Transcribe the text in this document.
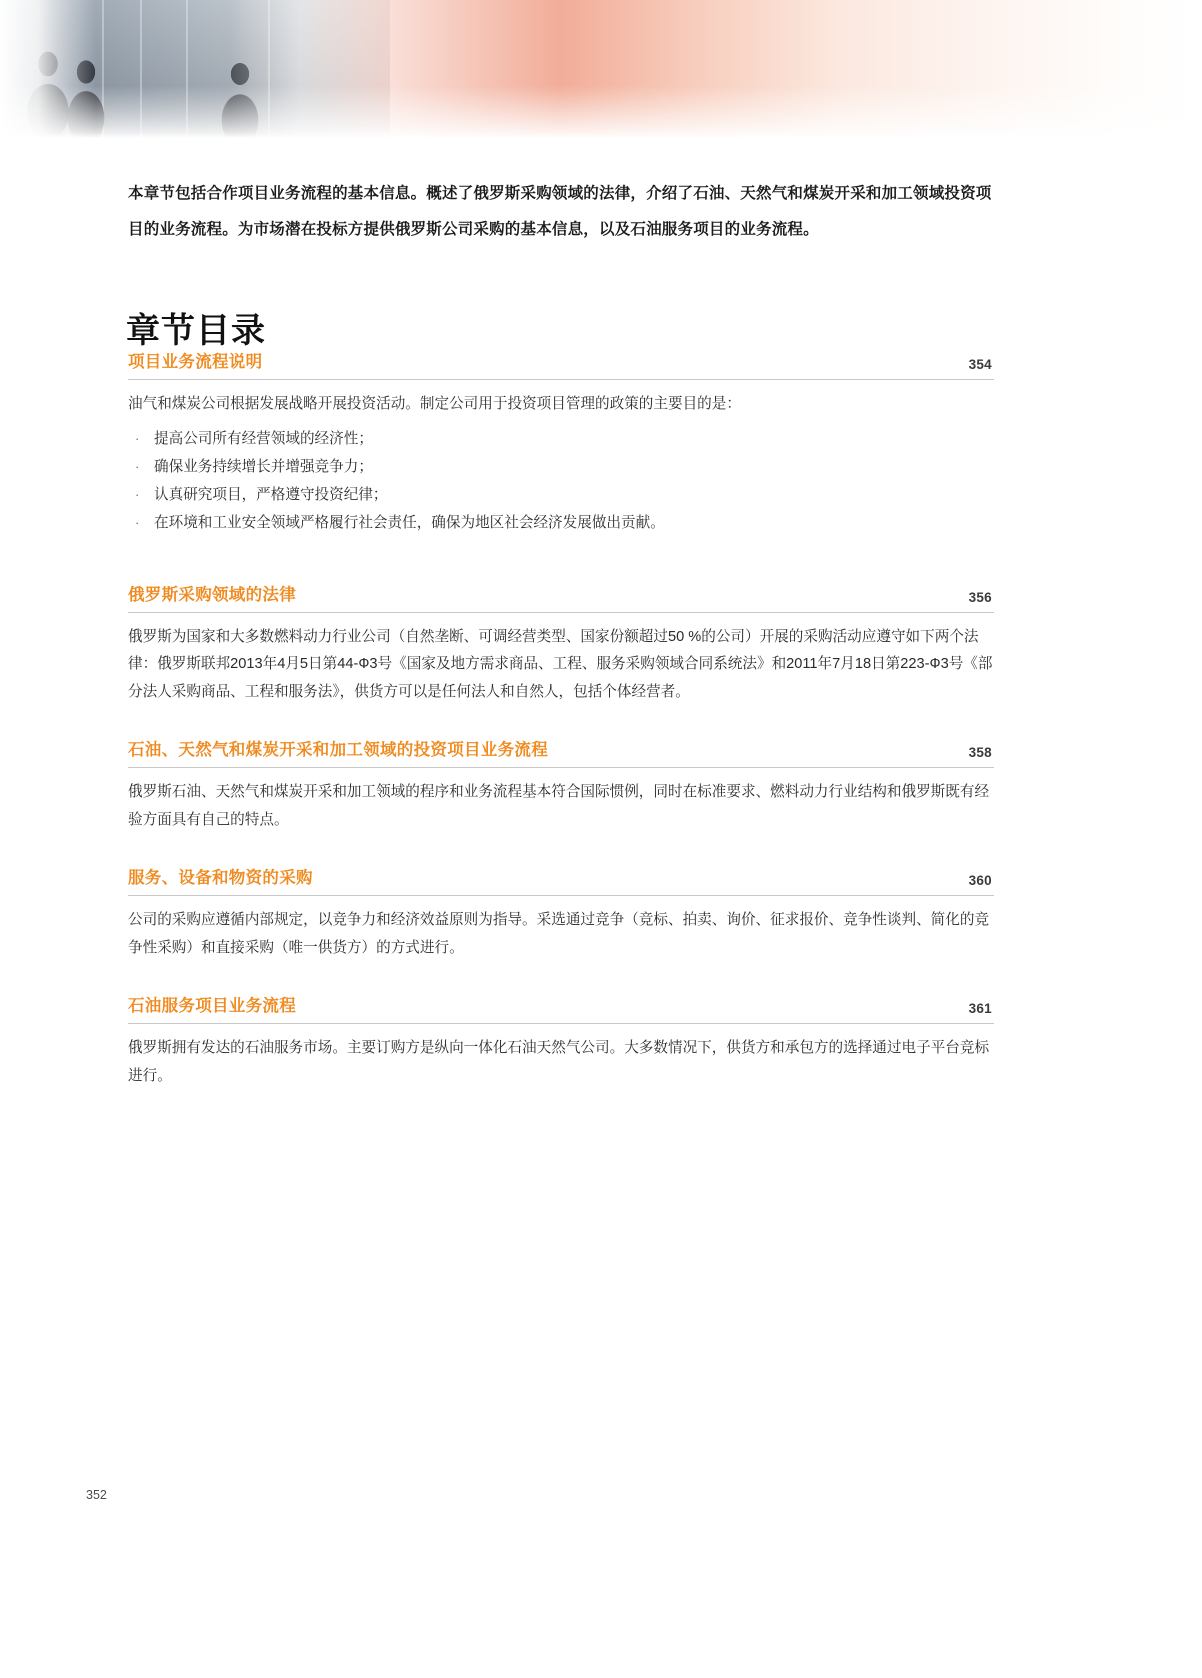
本章节包括合作项目业务流程的基本信息。概述了俄罗斯采购领域的法律，介绍了石油、天然气和煤炭开采和加工领域投资项目的业务流程。为市场潜在投标方提供俄罗斯公司采购的基本信息，以及石油服务项目的业务流程。

章节目录
项目业务流程说明	354
油气和煤炭公司根据发展战略开展投资活动。制定公司用于投资项目管理的政策的主要目的是：
· 提高公司所有经营领域的经济性；
· 确保业务持续增长并增强竞争力；
· 认真研究项目，严格遵守投资纪律；
· 在环境和工业安全领域严格履行社会责任，确保为地区社会经济发展做出贡献。
俄罗斯采购领域的法律	356
俄罗斯为国家和大多数燃料动力行业公司（自然垄断、可调经营类型、国家份额超过50 %的公司）开展的采购活动应遵守如下两个法律：俄罗斯联邦2013年4月5日第44-Ф3号《国家及地方需求商品、工程、服务采购领域合同系统法》和2011年7月18日第223-Ф3号《部分法人采购商品、工程和服务法》，供货方可以是任何法人和自然人，包括个体经营者。
石油、天然气和煤炭开采和加工领域的投资项目业务流程	358
俄罗斯石油、天然气和煤炭开采和加工领域的程序和业务流程基本符合国际惯例，同时在标准要求、燃料动力行业结构和俄罗斯既有经验方面具有自己的特点。
服务、设备和物资的采购	360
公司的采购应遵循内部规定，以竞争力和经济效益原则为指导。采选通过竞争（竞标、拍卖、询价、征求报价、竞争性谈判、简化的竞争性采购）和直接采购（唯一供货方）的方式进行。
石油服务项目业务流程	361
俄罗斯拥有发达的石油服务市场。主要订购方是纵向一体化石油天然气公司。大多数情况下，供货方和承包方的选择通过电子平台竞标进行。
352
